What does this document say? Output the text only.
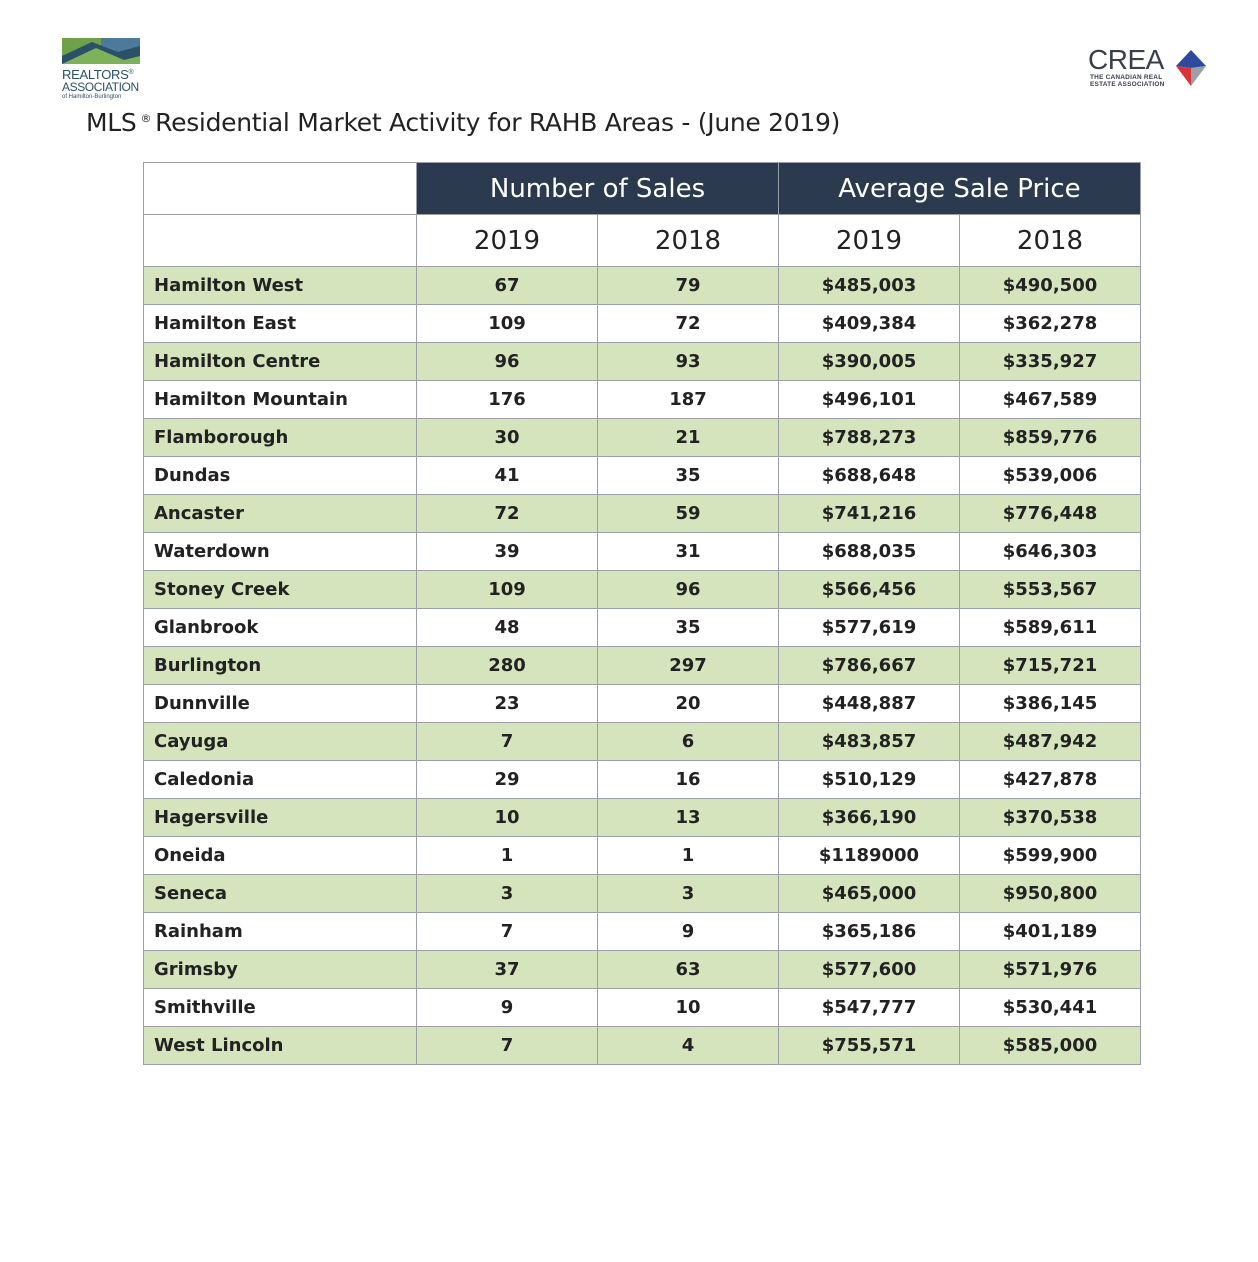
REALTORS®
ASSOCIATION
of Hamilton-Burlington
CREA
THE CANADIAN REAL
ESTATE ASSOCIATION
MLS ® Residential Market Activity for RAHB Areas - (June 2019)
	Number of Sales		Average Sale Price	
	2019	2018	2019	2018
Hamilton West	67	79	$485,003	$490,500
Hamilton East	109	72	$409,384	$362,278
Hamilton Centre	96	93	$390,005	$335,927
Hamilton Mountain	176	187	$496,101	$467,589
Flamborough	30	21	$788,273	$859,776
Dundas	41	35	$688,648	$539,006
Ancaster	72	59	$741,216	$776,448
Waterdown	39	31	$688,035	$646,303
Stoney Creek	109	96	$566,456	$553,567
Glanbrook	48	35	$577,619	$589,611
Burlington	280	297	$786,667	$715,721
Dunnville	23	20	$448,887	$386,145
Cayuga	7	6	$483,857	$487,942
Caledonia	29	16	$510,129	$427,878
Hagersville	10	13	$366,190	$370,538
Oneida	1	1	$1189000	$599,900
Seneca	3	3	$465,000	$950,800
Rainham	7	9	$365,186	$401,189
Grimsby	37	63	$577,600	$571,976
Smithville	9	10	$547,777	$530,441
West Lincoln	7	4	$755,571	$585,000
